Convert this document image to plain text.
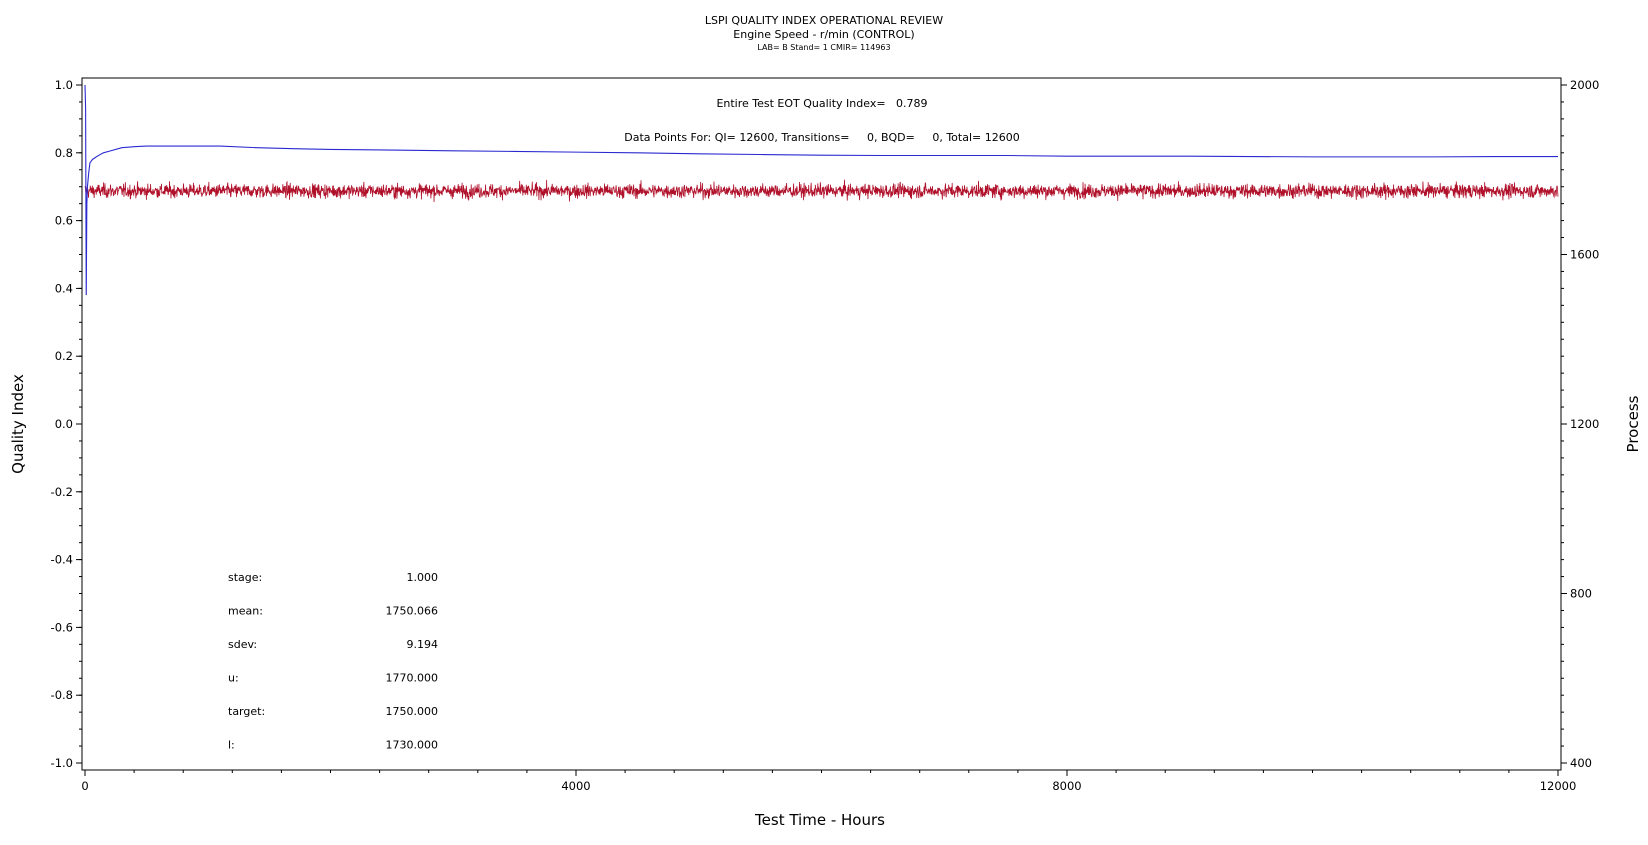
LSPI QUALITY INDEX OPERATIONAL REVIEW
Engine Speed - r/min (CONTROL)
LAB= B Stand= 1 CMIR= 114963
-1.0
-0.8
-0.6
-0.4
-0.2
0.0
0.2
0.4
0.6
0.8
1.0
400
800
1200
1600
2000
0	4000	8000	12000
Test Time - Hours
Quality Index	Process
Entire Test EOT Quality Index=   0.789
Data Points For: QI= 12600, Transitions=     0, BQD=     0, Total= 12600
stage:	1.000
mean:	1750.066
sdev:	9.194
u:	1770.000
target:	1750.000
l:	1730.000
